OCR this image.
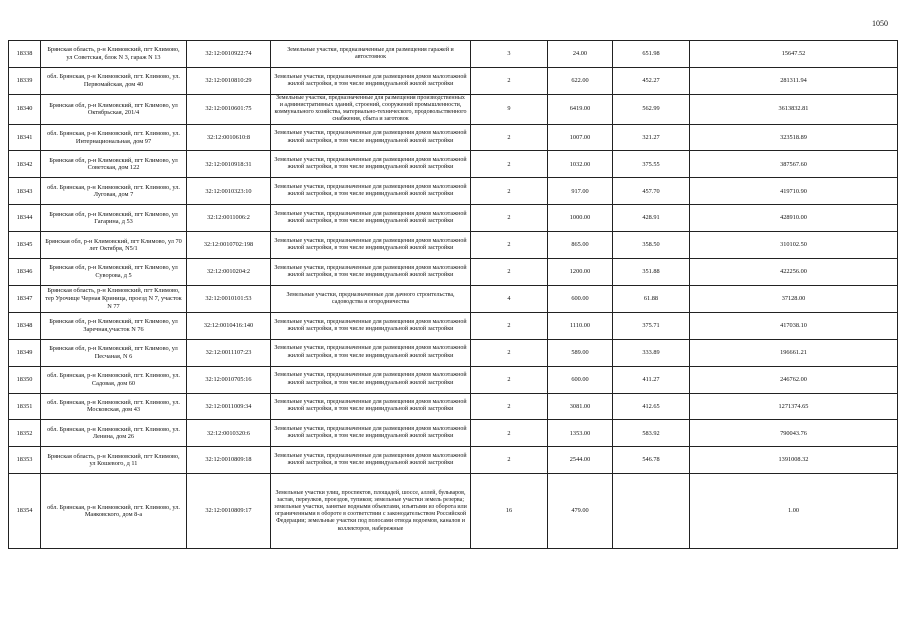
1050
18338	Брянская область, р-н Климовский, пгт Климово, ул Советская, блок N 3, гараж N 13	32:12:0010922:74	Земельные участки, предназначенные для размещения гаражей и автостоянок	3	24.00	651.98	15647.52
18339	обл. Брянская, р-н Климовский, пгт. Климово, ул. Первомайская, дом 40	32:12:0010810:29	Земельные участки, предназначенные для размещения домов малоэтажной жилой застройки, в том числе индивидуальной жилой застройки	2	622.00	452.27	281311.94
18340	Брянская обл, р-н Климовский, пгт Климово, ул Октябрьская, 201/4	32:12:0010601:75	Земельные участки, предназначенные для размещения производственных и административных зданий, строений, сооружений промышленности, коммунального хозяйства, материально-технического, продовольственного снабжения, сбыта и заготовок	9	6419.00	562.99	3613832.81
18341	обл. Брянская, р-н Климовский, пгт. Климово, ул. Интернациональная, дом 97	32:12:0010610:8	Земельные участки, предназначенные для размещения домов малоэтажной жилой застройки, в том числе индивидуальной жилой застройки	2	1007.00	321.27	323518.89
18342	Брянская обл, р-н Климовский, пгт Климово, ул Советская, дом 122	32:12:0010918:31	Земельные участки, предназначенные для размещения домов малоэтажной жилой застройки, в том числе индивидуальной жилой застройки	2	1032.00	375.55	387567.60
18343	обл. Брянская, р-н Климовский, пгт. Климово, ул. Луговая, дом 7	32:12:0010323:10	Земельные участки, предназначенные для размещения домов малоэтажной жилой застройки, в том числе индивидуальной жилой застройки	2	917.00	457.70	419710.90
18344	Брянская обл, р-н Климовский, пгт Климово, ул Гагарина, д 53	32:12:0011006:2	Земельные участки, предназначенные для размещения домов малоэтажной жилой застройки, в том числе индивидуальной жилой застройки	2	1000.00	428.91	428910.00
18345	Брянская обл, р-н Климовский, пгт Климово, ул 70 лет Октября, N5/1	32:12:0010702:198	Земельные участки, предназначенные для размещения домов малоэтажной жилой застройки, в том числе индивидуальной жилой застройки	2	865.00	358.50	310102.50
18346	Брянская обл, р-н Климовский, пгт Климово, ул Суворова, д 5	32:12:0010204:2	Земельные участки, предназначенные для размещения домов малоэтажной жилой застройки, в том числе индивидуальной жилой застройки	2	1200.00	351.88	422256.00
18347	Брянская область, р-н Климовский, пгт Климово, тер Урочище Черная Криница, проезд N 7, участок N 77	32:12:0010101:53	Земельные участки, предназначенные для дачного строительства, садоводства и огородничества	4	600.00	61.88	37128.00
18348	Брянская обл, р-н Климовский, пгт Климово, ул Заречная,участок N 76	32:12:0010416:140	Земельные участки, предназначенные для размещения домов малоэтажной жилой застройки, в том числе индивидуальной жилой застройки	2	1110.00	375.71	417038.10
18349	Брянская обл, р-н Климовский, пгт Климово, ул Песчаная, N 6	32:12:0011107:23	Земельные участки, предназначенные для размещения домов малоэтажной жилой застройки, в том числе индивидуальной жилой застройки	2	589.00	333.89	196661.21
18350	обл. Брянская, р-н Климовский, пгт. Климово, ул. Садовая, дом 60	32:12:0010705:16	Земельные участки, предназначенные для размещения домов малоэтажной жилой застройки, в том числе индивидуальной жилой застройки	2	600.00	411.27	246762.00
18351	обл. Брянская, р-н Климовский, пгт. Климово, ул. Московская, дом 43	32:12:0011009:34	Земельные участки, предназначенные для размещения домов малоэтажной жилой застройки, в том числе индивидуальной жилой застройки	2	3081.00	412.65	1271374.65
18352	обл. Брянская, р-н Климовский, пгт. Климово, ул. Ленина, дом 26	32:12:0010320:6	Земельные участки, предназначенные для размещения домов малоэтажной жилой застройки, в том числе индивидуальной жилой застройки	2	1353.00	583.92	790043.76
18353	Брянская область, р-н Климовский, пгт Климово, ул Кошевого, д 11	32:12:0010809:18	Земельные участки, предназначенные для размещения домов малоэтажной жилой застройки, в том числе индивидуальной жилой застройки	2	2544.00	546.78	1391008.32
18354	обл. Брянская, р-н Климовский, пгт. Климово, ул. Маяковского, дом 8-а	32:12:0010809:17	Земельные участки улиц, проспектов, площадей, шоссе, аллей, бульваров, застав, переулков, проездов, тупиков; земельные участки земель резерва; земельные участки, занятые водными объектами, изъятыми из оборота или ограниченными в обороте в соответствии с законодательством Российской Федерации; земельные участки под полосами отвода водоемов, каналов и коллекторов, набережные	16	479.00		1.00
